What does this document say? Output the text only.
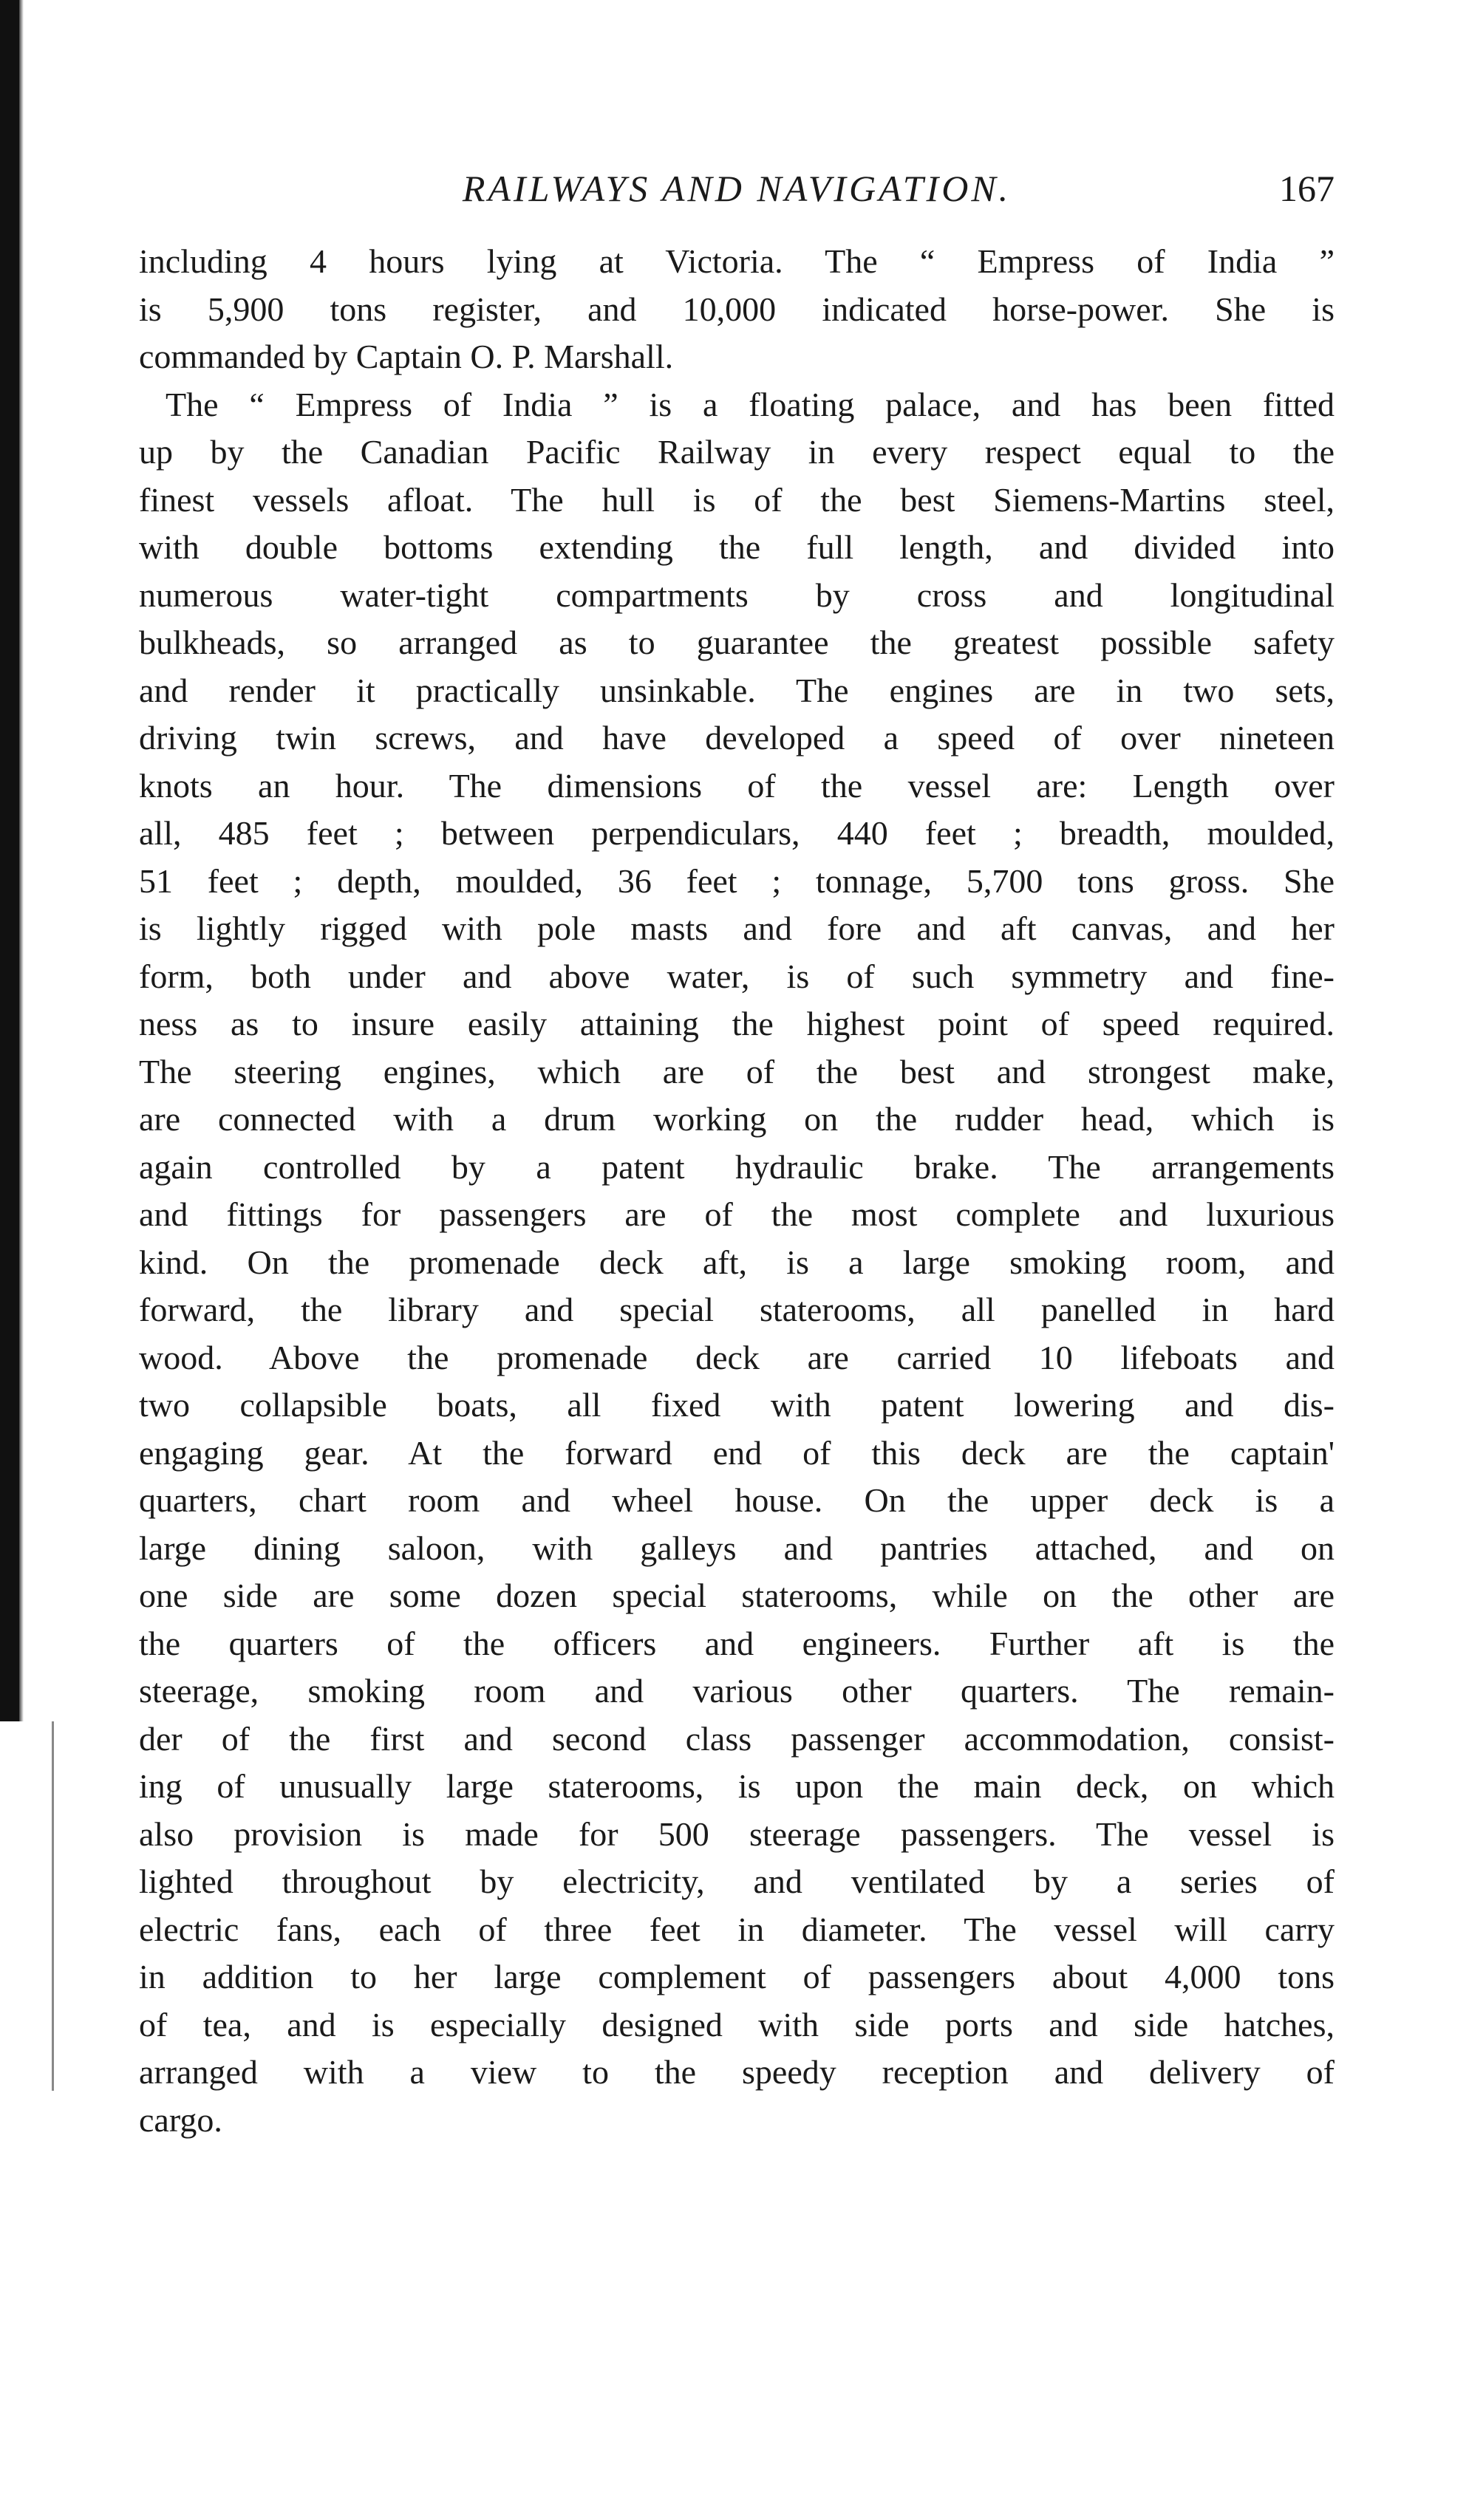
RAILWAYS AND NAVIGATION.	167
including 4 hours lying at Victoria. The “ Empress of India ”
is 5,900 tons register, and 10,000 indicated horse-power. She is
commanded by Captain O. P. Marshall.
The “ Empress of India ” is a floating palace, and has been fitted
up by the Canadian Pacific Railway in every respect equal to the
finest vessels afloat. The hull is of the best Siemens-Martins steel,
with double bottoms extending the full length, and divided into
numerous water-tight compartments by cross and longitudinal
bulkheads, so arranged as to guarantee the greatest possible safety
and render it practically unsinkable. The engines are in two sets,
driving twin screws, and have developed a speed of over nineteen
knots an hour. The dimensions of the vessel are: Length over
all, 485 feet ; between perpendiculars, 440 feet ; breadth, moulded,
51 feet ; depth, moulded, 36 feet ; tonnage, 5,700 tons gross. She
is lightly rigged with pole masts and fore and aft canvas, and her
form, both under and above water, is of such symmetry and fine-
ness as to insure easily attaining the highest point of speed required.
The steering engines, which are of the best and strongest make,
are connected with a drum working on the rudder head, which is
again controlled by a patent hydraulic brake. The arrangements
and fittings for passengers are of the most complete and luxurious
kind. On the promenade deck aft, is a large smoking room, and
forward, the library and special staterooms, all panelled in hard
wood. Above the promenade deck are carried 10 lifeboats and
two collapsible boats, all fixed with patent lowering and dis-
engaging gear. At the forward end of this deck are the captain'
quarters, chart room and wheel house. On the upper deck is a
large dining saloon, with galleys and pantries attached, and on
one side are some dozen special staterooms, while on the other are
the quarters of the officers and engineers. Further aft is the
steerage, smoking room and various other quarters. The remain-
der of the first and second class passenger accommodation, consist-
ing of unusually large staterooms, is upon the main deck, on which
also provision is made for 500 steerage passengers. The vessel is
lighted throughout by electricity, and ventilated by a series of
electric fans, each of three feet in diameter. The vessel will carry
in addition to her large complement of passengers about 4,000 tons
of tea, and is especially designed with side ports and side hatches,
arranged with a view to the speedy reception and delivery of
cargo.
